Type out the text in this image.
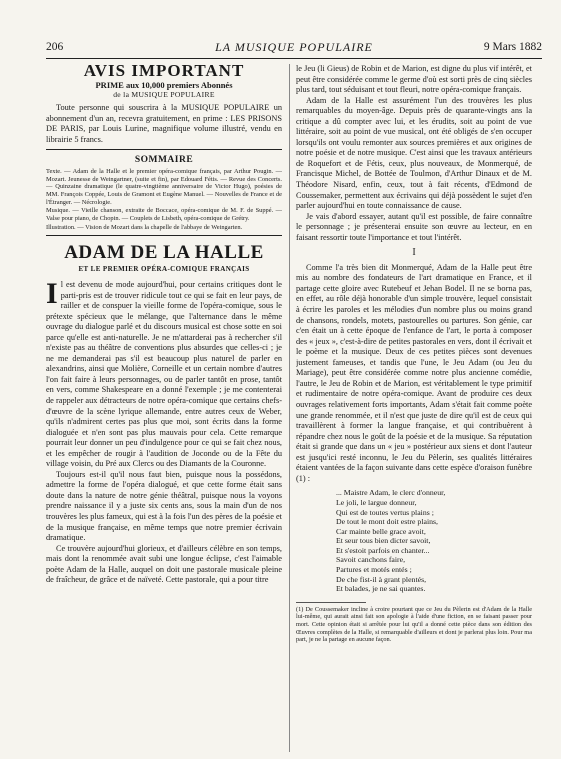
206	LA MUSIQUE POPULAIRE	9 Mars 1882
AVIS IMPORTANT

PRIME aux 10,000 premiers Abonnés

de la MUSIQUE POPULAIRE

Toute personne qui souscrira à la MUSIQUE POPULAIRE un abonnement d'un an, recevra gratuitement, en prime : LES PRISONS DE PARIS, par Louis Lurine, magnifique volume illustré, vendu en librairie 5 francs.

SOMMAIRE

Texte. — Adam de la Halle et le premier opéra-comique français, par Arthur Pougin. — Mozart. Jeunesse de Weingartner, (suite et fin), par Edouard Fétis. — Revue des Concerts. — Quinzaine dramatique (le quatre-vingtième anniversaire de Victor Hugo), poésies de MM. François Coppée, Louis de Gramont et Eugène Manuel. — Nouvelles de France et de l'Étranger. — Nécrologie.

Musique. — Vieille chanson, extraite de Boccace, opéra-comique de M. F. de Suppé. — Valse pour piano, de Chopin. — Couplets de Lisbeth, opéra-comique de Grétry.

Illustration. — Vision de Mozart dans la chapelle de l'abbaye de Weingarten.

ADAM DE LA HALLE
ET LE PREMIER OPÉRA-COMIQUE FRANÇAIS

Il est devenu de mode aujourd'hui, pour certains critiques dont le parti-pris est de trouver ridicule tout ce qui se fait en leur pays, de railler et de conspuer la vieille forme de l'opéra-comique, sous le prétexte spécieux que le mélange, que l'alternance dans le même ouvrage du dialogue parlé et du discours musical est chose sotte en soi parce qu'elle est anti-naturelle. Je ne m'attarderai pas à rechercher s'il n'existe pas au théâtre de conventions plus absurdes que celles-ci ; je ne me demanderai pas s'il est beaucoup plus naturel de parler en alexandrins, ainsi que Molière, Corneille et un certain nombre d'autres l'on fait faire à leurs personnages, ou de parler tantôt en prose, tantôt en vers, comme Shakespeare en a donné l'exemple ; je me contenterai de rappeler aux détracteurs de notre opéra-comique que certains chefs-d'œuvre de la scène lyrique allemande, entre autres ceux de Weber, qu'ils n'admirent certes pas plus que moi, sont écrits dans la forme dialoguée et n'en sont pas plus mauvais pour cela. Cette remarque pourrait leur donner un peu d'indulgence pour ce qui se fait chez nous, et les empêcher de rougir à l'audition de Joconde ou de la Fête du village voisin, du Pré aux Clercs ou des Diamants de la Couronne.

Toujours est-il qu'il nous faut bien, puisque nous la possédons, admettre la forme de l'opéra dialogué, et que cette forme était sans doute dans la nature de notre génie théâtral, puisque nous la voyons prendre naissance il y a juste six cents ans, sous la main d'un de nos trouvères les plus fameux, qui est à la fois l'un des pères de la poésie et de la musique française, en même temps que notre premier écrivain dramatique.

Ce trouvère aujourd'hui glorieux, et d'ailleurs célèbre en son temps, mais dont la renommée avait subi une longue éclipse, c'est l'aimable poète Adam de la Halle, auquel on doit une pastorale musicale pleine de fraîcheur, de grâce et de naïveté. Cette pastorale, qui a pour titre

le Jeu (li Gieus) de Robin et de Marion, est digne du plus vif intérêt, et peut être considérée comme le germe d'où est sorti près de cinq siècles plus tard, tout séduisant et tout fleuri, notre opéra-comique français.

Adam de la Halle est assurément l'un des trouvères les plus remarquables du moyen-âge. Depuis près de quarante-vingts ans la critique a dû compter avec lui, et les érudits, soit au point de vue littéraire, soit au point de vue musical, ont été obligés de s'en occuper lorsqu'ils ont voulu remonter aux sources premières et aux origines de notre poésie et de notre musique. C'est ainsi que les travaux antérieurs de Roquefort et de Fétis, ceux, plus nouveaux, de Monmerqué, de Francisque Michel, de Bottée de Toulmon, d'Arthur Dinaux et de M. Théodore Nisard, enfin, ceux, tout à fait récents, d'Edmond de Coussemaker, permettent aux écrivains qui déjà possèdent le sujet d'en parler aujourd'hui en toute connaissance de cause.

Je vais d'abord essayer, autant qu'il est possible, de faire connaître le personnage ; je présenterai ensuite son œuvre au lecteur, en en faisant ressortir toute l'importance et tout l'intérêt.

I

Comme l'a très bien dit Monmerqué, Adam de la Halle peut être mis au nombre des fondateurs de l'art dramatique en France, et il partage cette gloire avec Rutebeuf et Jehan Bodel. Il ne se borna pas, en effet, au rôle déjà honorable d'un simple trouvère, lequel consistait à écrire les paroles et les mélodies d'un nombre plus ou moins grand de chansons, rondels, motets, pastourelles ou partures. Son génie, car c'en était un à cette époque de l'enfance de l'art, le porta à composer des « jeux », c'est-à-dire de petites pastorales en vers, dont il écrivait et le poème et la musique. Deux de ces petites pièces sont devenues justement fameuses, et tandis que l'une, le Jeu Adam (ou Jeu du Mariage), peut être considérée comme notre plus ancienne comédie, l'autre, le Jeu de Robin et de Marion, est véritablement le type primitif et rudimentaire de notre opéra-comique. Avant de produire ces deux ouvrages relativement forts importants, Adam s'était fait comme poète une grande renommée, et il n'est que juste de dire qu'il est de ceux qui travaillèrent à former la langue française, et qui contribuèrent à répandre chez nous le goût de la poésie et de la musique. Sa réputation était si grande que dans un « jeu » postérieur aux siens et dont l'auteur est jusqu'ici resté inconnu, le Jeu du Pèlerin, ses qualités littéraires étaient vantées de la façon suivante dans cette espèce d'oraison funèbre (1) :

... Maistre Adam, le clerc d'onneur,
Le joli, le largue donneur,
Qui est de toutes vertus plains ;
De tout le mont doit estre plains,
Car mainte belle grace avoit,
Et seur tous bien dicter savoit,
Et s'estoit parfois en chanter...
Savoit canchons faire,
Partures et motés entés ;
De che fist-il à grant plentés,
Et balades, je ne sai quantes.

(1) De Coussemaker incline à croire pourtant que ce Jeu du Pèlerin est d'Adam de la Halle lui-même, qui aurait ainsi fait son apologie à l'aide d'une fiction, en se faisant passer pour mort. Cette opinion était si arrêtée pour lui qu'il a donné cette pièce dans son édition des Œuvres complètes de la Halle, si remarquable d'ailleurs et dont je parlerai plus loin. Pour ma part, je ne la partage en aucune façon.
